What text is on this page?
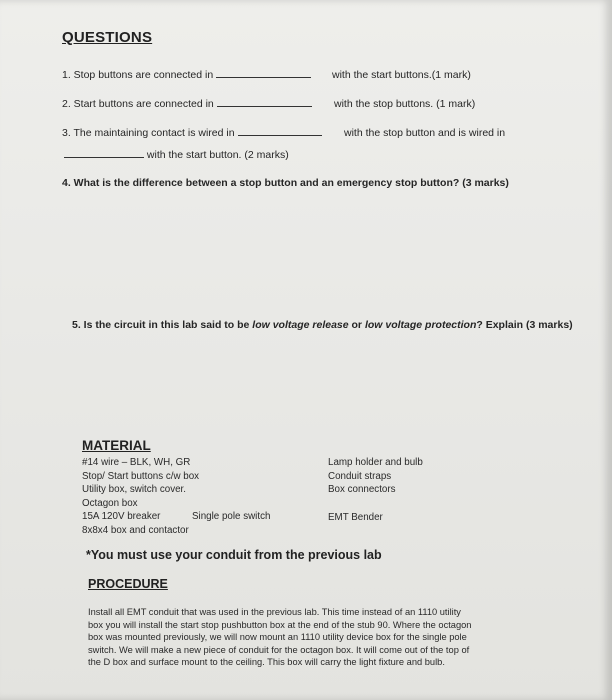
QUESTIONS
1. Stop buttons are connected in	with the start buttons.(1 mark)
2. Start buttons are connected in	with the stop buttons. (1 mark)
3. The maintaining contact is wired in	with the stop button and is wired in
with the start button. (2 marks)
4. What is the difference between a stop button and an emergency stop button? (3 marks)
5. Is the circuit in this lab said to be low voltage release or low voltage protection? Explain (3 marks)
MATERIAL
#14 wire – BLK, WH, GR
Stop/ Start buttons c/w box
Utility box, switch cover.
Octagon box
15A 120V breaker
8x8x4 box and contactor
Single pole switch
Lamp holder and bulb
Conduit straps
Box connectors
EMT Bender
*You must use your conduit from the previous lab
PROCEDURE
Install all EMT conduit that was used in the previous lab. This time instead of an 1110 utility
box you will install the start stop pushbutton box at the end of the stub 90. Where the octagon
box was mounted previously, we will now mount an 1110 utility device box for the single pole
switch. We will make a new piece of conduit for the octagon box. It will come out of the top of
the D box and surface mount to the ceiling. This box will carry the light fixture and bulb.
